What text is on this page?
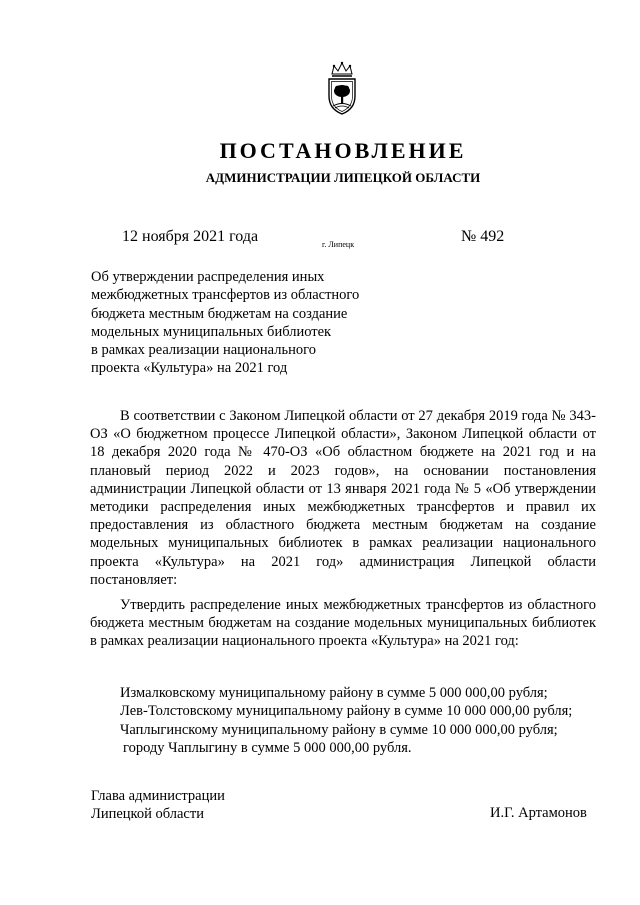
ПОСТАНОВЛЕНИЕ
АДМИНИСТРАЦИИ ЛИПЕЦКОЙ ОБЛАСТИ
12 ноября 2021 года	г. Липецк	№ 492
Об утверждении распределения иных
межбюджетных трансфертов из областного
бюджета местным бюджетам на создание
модельных муниципальных библиотек
в рамках реализации национального
проекта «Культура» на 2021 год
В соответствии с Законом Липецкой области от 27 декабря 2019 года № 343-ОЗ «О бюджетном процессе Липецкой области», Законом Липецкой области от 18 декабря 2020 года № 470-ОЗ «Об областном бюджете на 2021 год и на плановый период 2022 и 2023 годов», на основании постановления администрации Липецкой области от 13 января 2021 года № 5 «Об утверждении методики распределения иных межбюджетных трансфертов и правил их предоставления из областного бюджета местным бюджетам на создание модельных муниципальных библиотек в рамках реализации национального проекта «Культура» на 2021 год» администрация Липецкой области постановляет:
Утвердить распределение иных межбюджетных трансфертов из областного бюджета местным бюджетам на создание модельных муниципальных библиотек в рамках реализации национального проекта «Культура» на 2021 год:
Измалковскому муниципальному району в сумме 5 000 000,00 рубля;
Лев-Толстовскому муниципальному району в сумме 10 000 000,00 рубля;
Чаплыгинскому муниципальному району в сумме 10 000 000,00 рубля;
городу Чаплыгину в сумме 5 000 000,00 рубля.
Глава администрации
Липецкой области	И.Г. Артамонов
